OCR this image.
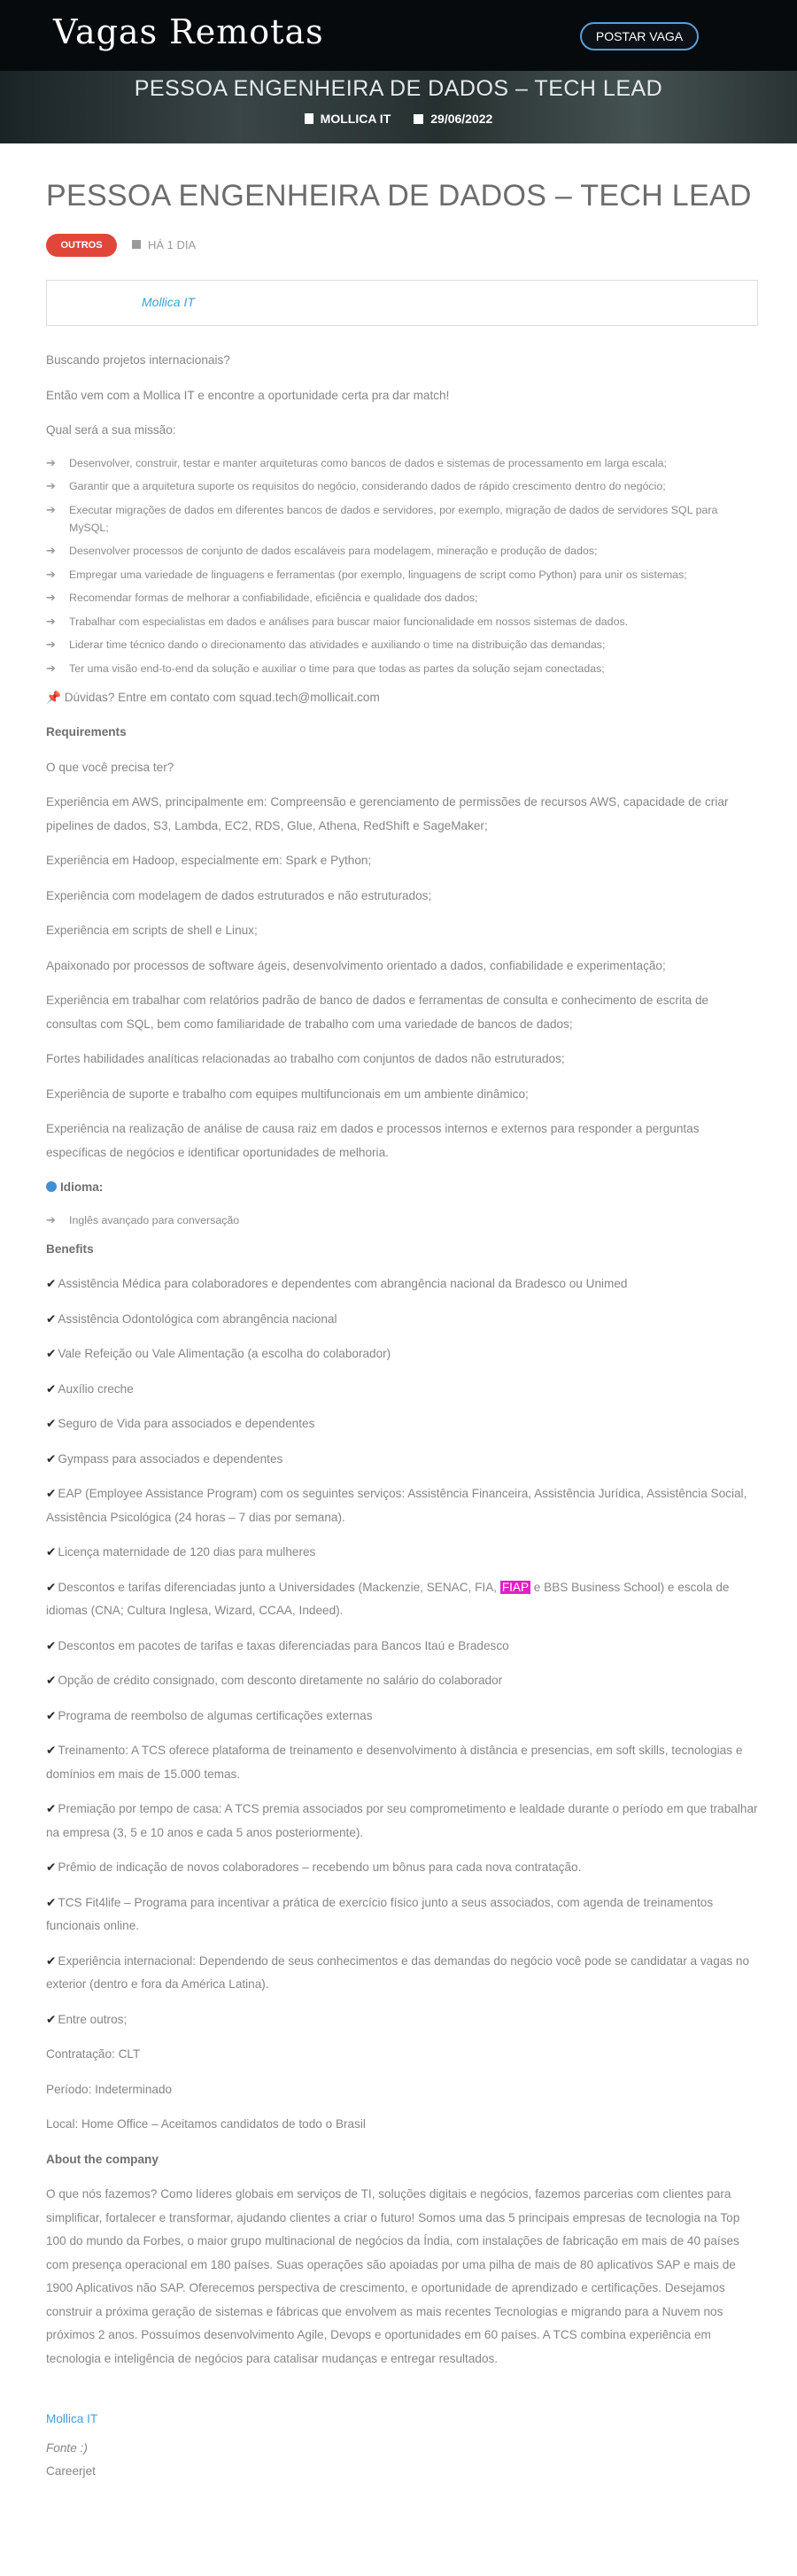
Vagas Remotas	POSTAR VAGA
PESSOA ENGENHEIRA DE DADOS – TECH LEAD
MOLLICA IT	29/06/2022
PESSOA ENGENHEIRA DE DADOS – TECH LEAD
OUTROS	HÁ 1 DIA
Mollica IT

Buscando projetos internacionais?

Então vem com a Mollica IT e encontre a oportunidade certa pra dar match!

Qual será a sua missão:

➔ Desenvolver, construir, testar e manter arquiteturas como bancos de dados e sistemas de processamento em larga escala;
➔ Garantir que a arquitetura suporte os requisitos do negócio, considerando dados de rápido crescimento dentro do negócio;
➔ Executar migrações de dados em diferentes bancos de dados e servidores, por exemplo, migração de dados de servidores SQL para MySQL;
➔ Desenvolver processos de conjunto de dados escaláveis para modelagem, mineração e produção de dados;
➔ Empregar uma variedade de linguagens e ferramentas (por exemplo, linguagens de script como Python) para unir os sistemas;
➔ Recomendar formas de melhorar a confiabilidade, eficiência e qualidade dos dados;
➔ Trabalhar com especialistas em dados e análises para buscar maior funcionalidade em nossos sistemas de dados.
➔ Liderar time técnico dando o direcionamento das atividades e auxiliando o time na distribuição das demandas;
➔ Ter uma visão end-to-end da solução e auxiliar o time para que todas as partes da solução sejam conectadas;

📌 Dúvidas? Entre em contato com squad.tech@mollicait.com

Requirements

O que você precisa ter?

Experiência em AWS, principalmente em: Compreensão e gerenciamento de permissões de recursos AWS, capacidade de criar pipelines de dados, S3, Lambda, EC2, RDS, Glue, Athena, RedShift e SageMaker;

Experiência em Hadoop, especialmente em: Spark e Python;

Experiência com modelagem de dados estruturados e não estruturados;

Experiência em scripts de shell e Linux;

Apaixonado por processos de software ágeis, desenvolvimento orientado a dados, confiabilidade e experimentação;

Experiência em trabalhar com relatórios padrão de banco de dados e ferramentas de consulta e conhecimento de escrita de consultas com SQL, bem como familiaridade de trabalho com uma variedade de bancos de dados;

Fortes habilidades analíticas relacionadas ao trabalho com conjuntos de dados não estruturados;

Experiência de suporte e trabalho com equipes multifuncionais em um ambiente dinâmico;

Experiência na realização de análise de causa raiz em dados e processos internos e externos para responder a perguntas específicas de negócios e identificar oportunidades de melhoria.

Idioma:
➔ Inglês avançado para conversação
Benefits

✔ Assistência Médica para colaboradores e dependentes com abrangência nacional da Bradesco ou Unimed

✔ Assistência Odontológica com abrangência nacional

✔ Vale Refeição ou Vale Alimentação (a escolha do colaborador)

✔ Auxílio creche

✔ Seguro de Vida para associados e dependentes

✔ Gympass para associados e dependentes

✔ EAP (Employee Assistance Program) com os seguintes serviços: Assistência Financeira, Assistência Jurídica, Assistência Social, Assistência Psicológica (24 horas – 7 dias por semana).

✔ Licença maternidade de 120 dias para mulheres

✔ Descontos e tarifas diferenciadas junto a Universidades (Mackenzie, SENAC, FIA, FIAP e BBS Business School) e escola de idiomas (CNA; Cultura Inglesa, Wizard, CCAA, Indeed).

✔ Descontos em pacotes de tarifas e taxas diferenciadas para Bancos Itaú e Bradesco

✔ Opção de crédito consignado, com desconto diretamente no salário do colaborador

✔ Programa de reembolso de algumas certificações externas

✔ Treinamento: A TCS oferece plataforma de treinamento e desenvolvimento à distância e presencias, em soft skills, tecnologias e domínios em mais de 15.000 temas.

✔ Premiação por tempo de casa: A TCS premia associados por seu comprometimento e lealdade durante o período em que trabalhar na empresa (3, 5 e 10 anos e cada 5 anos posteriormente).

✔ Prêmio de indicação de novos colaboradores – recebendo um bônus para cada nova contratação.

✔ TCS Fit4life – Programa para incentivar a prática de exercício físico junto a seus associados, com agenda de treinamentos funcionais online.

✔ Experiência internacional: Dependendo de seus conhecimentos e das demandas do negócio você pode se candidatar a vagas no exterior (dentro e fora da América Latina).

✔ Entre outros;

Contratação: CLT

Período: Indeterminado

Local: Home Office – Aceitamos candidatos de todo o Brasil

About the company

O que nós fazemos? Como líderes globais em serviços de TI, soluções digitais e negócios, fazemos parcerias com clientes para simplificar, fortalecer e transformar, ajudando clientes a criar o futuro! Somos uma das 5 principais empresas de tecnologia na Top 100 do mundo da Forbes, o maior grupo multinacional de negócios da Índia, com instalações de fabricação em mais de 40 países com presença operacional em 180 países. Suas operações são apoiadas por uma pilha de mais de 80 aplicativos SAP e mais de 1900 Aplicativos não SAP. Oferecemos perspectiva de crescimento, e oportunidade de aprendizado e certificações. Desejamos construir a próxima geração de sistemas e fábricas que envolvem as mais recentes Tecnologias e migrando para a Nuvem nos próximos 2 anos. Possuímos desenvolvimento Agile, Devops e oportunidades em 60 países. A TCS combina experiência em tecnologia e inteligência de negócios para catalisar mudanças e entregar resultados.

Mollica IT

Fonte :)

Careerjet
